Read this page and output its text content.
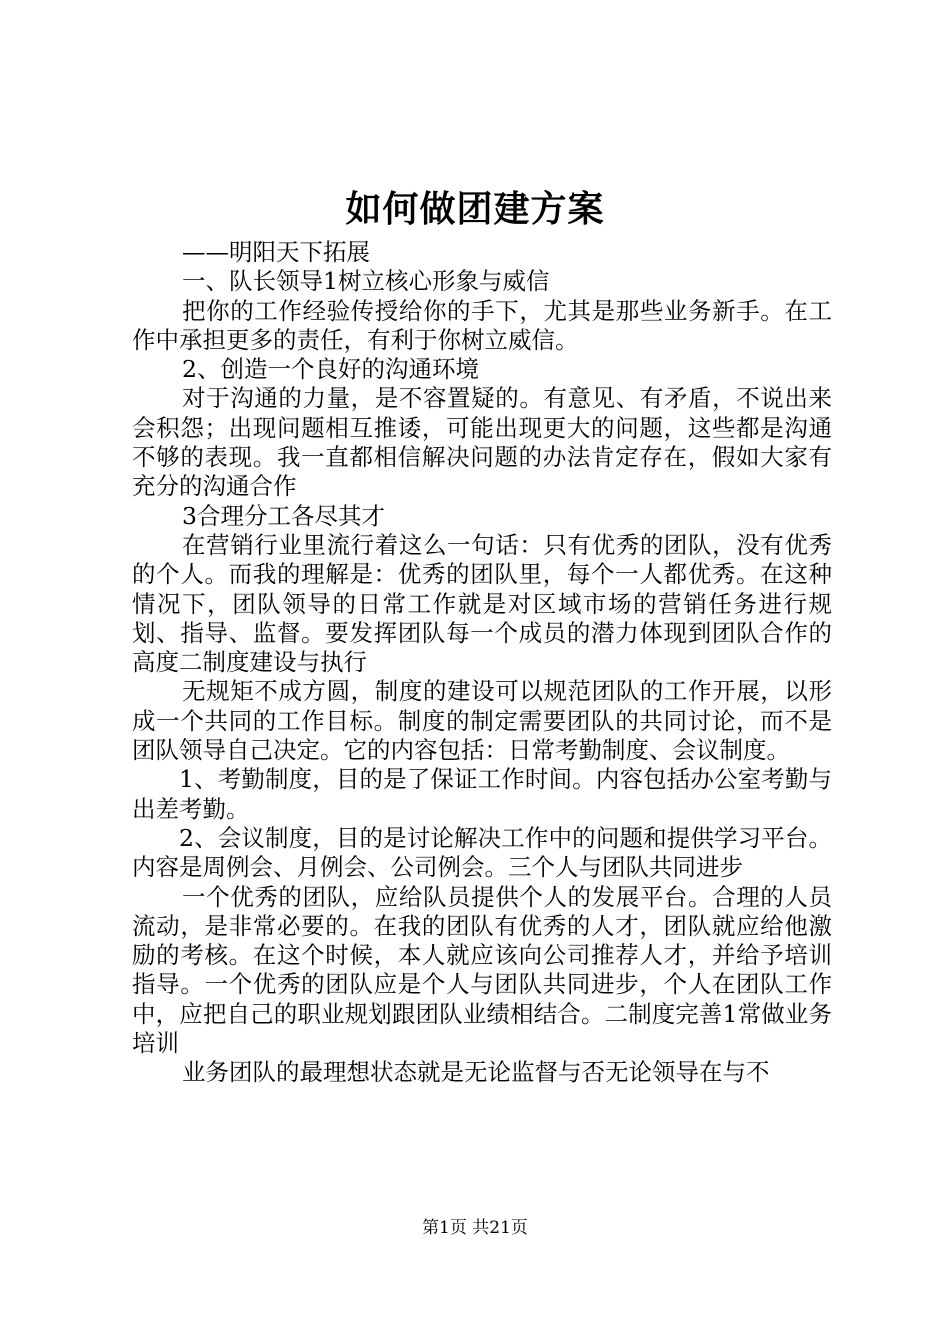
如何做团建方案

——明阳天下拓展

一、队长领导1树立核心形象与威信

把你的工作经验传授给你的手下，尤其是那些业务新手。在工作中承担更多的责任，有利于你树立威信。

2、创造一个良好的沟通环境

对于沟通的力量，是不容置疑的。有意见、有矛盾，不说出来会积怨；出现问题相互推诿，可能出现更大的问题，这些都是沟通不够的表现。我一直都相信解决问题的办法肯定存在，假如大家有充分的沟通合作

3合理分工各尽其才

在营销行业里流行着这么一句话：只有优秀的团队，没有优秀的个人。而我的理解是：优秀的团队里，每个一人都优秀。在这种情况下，团队领导的日常工作就是对区域市场的营销任务进行规划、指导、监督。要发挥团队每一个成员的潜力体现到团队合作的高度二制度建设与执行

无规矩不成方圆，制度的建设可以规范团队的工作开展，以形成一个共同的工作目标。制度的制定需要团队的共同讨论，而不是团队领导自己决定。它的内容包括：日常考勤制度、会议制度。

1、考勤制度，目的是了保证工作时间。内容包括办公室考勤与出差考勤。

2、会议制度，目的是讨论解决工作中的问题和提供学习平台。内容是周例会、月例会、公司例会。三个人与团队共同进步

一个优秀的团队，应给队员提供个人的发展平台。合理的人员流动，是非常必要的。在我的团队有优秀的人才，团队就应给他激励的考核。在这个时候，本人就应该向公司推荐人才，并给予培训指导。一个优秀的团队应是个人与团队共同进步，个人在团队工作中，应把自己的职业规划跟团队业绩相结合。二制度完善1常做业务培训

业务团队的最理想状态就是无论监督与否无论领导在与不

第1页 共21页
